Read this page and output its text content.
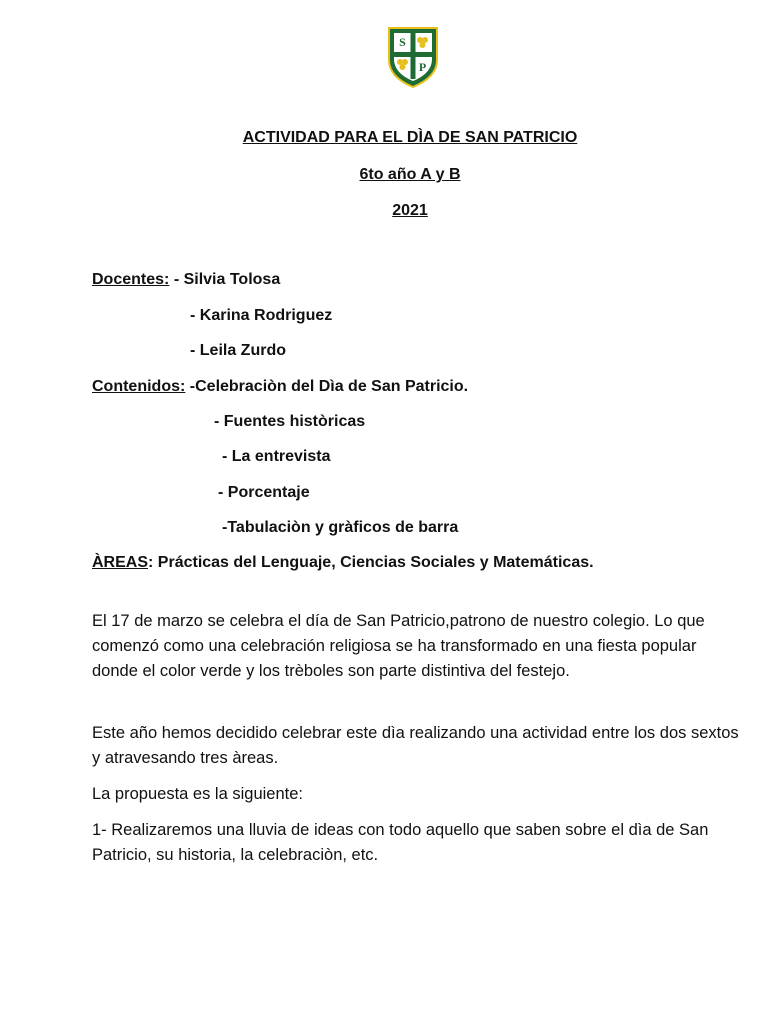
S
P
ACTIVIDAD PARA EL DÌA DE SAN PATRICIO
6to año A y B
2021
Docentes: - Silvia Tolosa
- Karina Rodriguez
- Leila Zurdo
Contenidos: -Celebraciòn del Dìa de San Patricio.
- Fuentes històricas
- La entrevista
- Porcentaje
-Tabulaciòn y gràficos de barra
ÀREAS: Prácticas del Lenguaje, Ciencias Sociales y Matemáticas.

El 17 de marzo se celebra el día de San Patricio,patrono de nuestro colegio. Lo que comenzó como una celebración religiosa se ha transformado en una fiesta popular donde el color verde y los trèboles son parte distintiva del festejo.

Este año hemos decidido celebrar este dìa realizando una actividad entre los dos sextos y atravesando tres àreas.

La propuesta es la siguiente:

1- Realizaremos una lluvia de ideas con todo aquello que saben sobre el dìa de San Patricio, su historia, la celebraciòn, etc.
